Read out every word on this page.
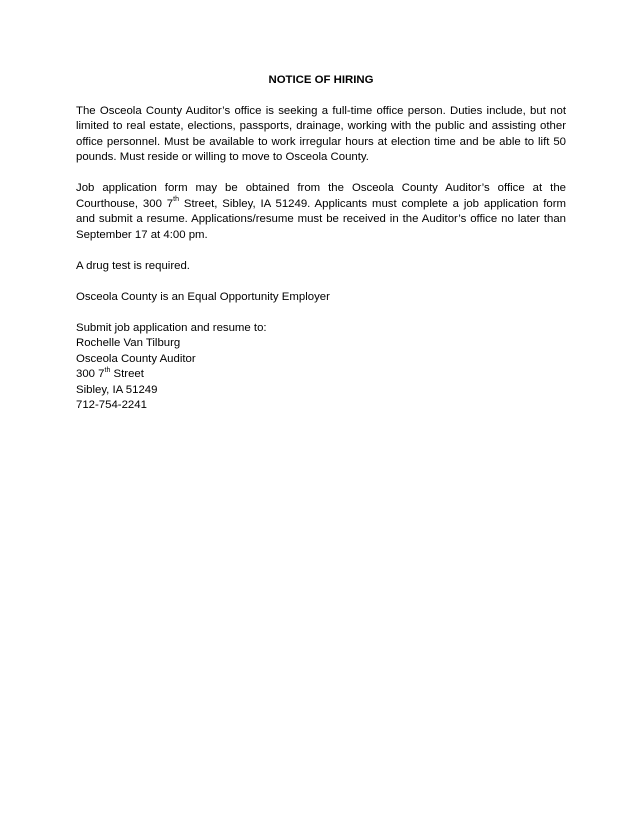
NOTICE OF HIRING

The Osceola County Auditor’s office is seeking a full-time office person. Duties include, but not limited to real estate, elections, passports, drainage, working with the public and assisting other office personnel. Must be available to work irregular hours at election time and be able to lift 50 pounds. Must reside or willing to move to Osceola County.

Job application form may be obtained from the Osceola County Auditor’s office at the Courthouse, 300 7th Street, Sibley, IA 51249. Applicants must complete a job application form and submit a resume. Applications/resume must be received in the Auditor’s office no later than September 17 at 4:00 pm.

A drug test is required.

Osceola County is an Equal Opportunity Employer

Submit job application and resume to:
Rochelle Van Tilburg
Osceola County Auditor
300 7th Street
Sibley, IA 51249
712-754-2241
